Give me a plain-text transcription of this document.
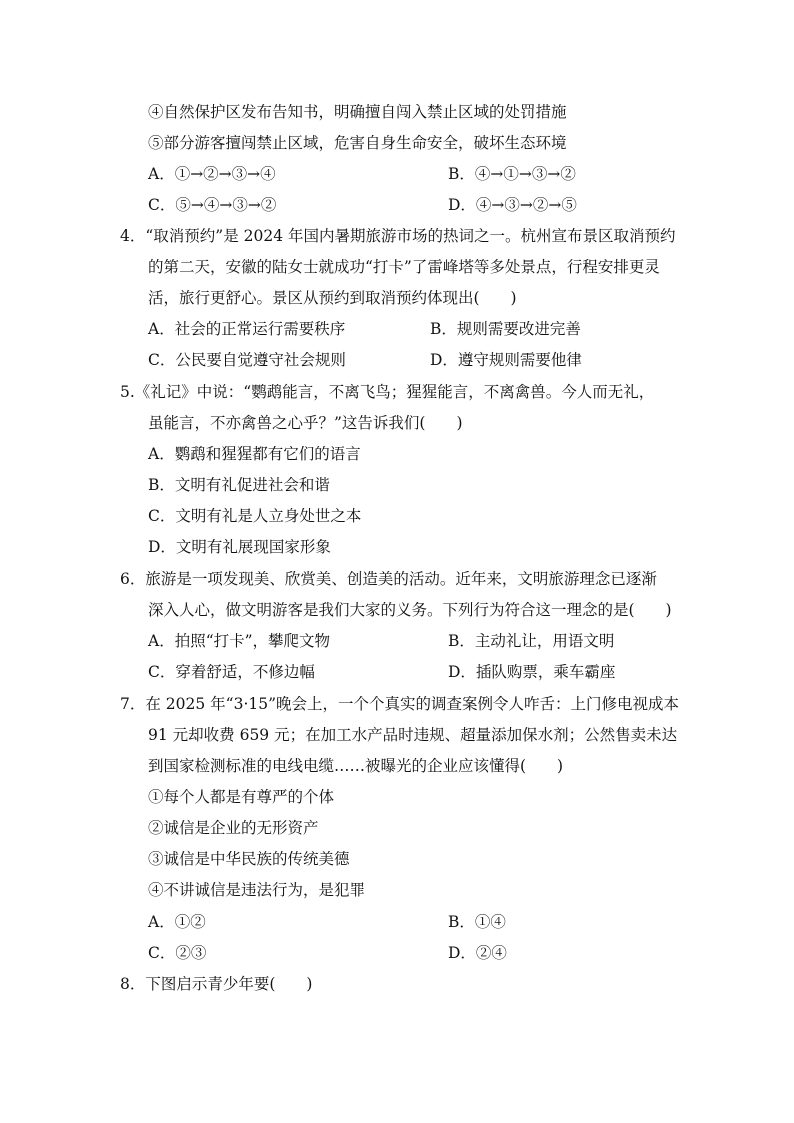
④自然保护区发布告知书，明确擅自闯入禁止区域的处罚措施
⑤部分游客擅闯禁止区域，危害自身生命安全，破坏生态环境
A．①→②→③→④	B．④→①→③→②
C．⑤→④→③→②	D．④→③→②→⑤
4．“取消预约”是 2024 年国内暑期旅游市场的热词之一。杭州宣布景区取消预约
的第二天，安徽的陆女士就成功“打卡”了雷峰塔等多处景点，行程安排更灵
活，旅行更舒心。景区从预约到取消预约体现出(　　)
A．社会的正常运行需要秩序	B．规则需要改进完善
C．公民要自觉遵守社会规则	D．遵守规则需要他律
5.《礼记》中说：“鹦鹉能言，不离飞鸟；猩猩能言，不离禽兽。今人而无礼，
虽能言，不亦禽兽之心乎？”这告诉我们(　　)
A．鹦鹉和猩猩都有它们的语言
B．文明有礼促进社会和谐
C．文明有礼是人立身处世之本
D．文明有礼展现国家形象
6．旅游是一项发现美、欣赏美、创造美的活动。近年来，文明旅游理念已逐渐
深入人心，做文明游客是我们大家的义务。下列行为符合这一理念的是(　　)
A．拍照“打卡”，攀爬文物	B．主动礼让，用语文明
C．穿着舒适，不修边幅	D．插队购票，乘车霸座
7．在 2025 年“3·15”晚会上，一个个真实的调查案例令人咋舌：上门修电视成本
91 元却收费 659 元；在加工水产品时违规、超量添加保水剂；公然售卖未达
到国家检测标准的电线电缆……被曝光的企业应该懂得(　　)
①每个人都是有尊严的个体
②诚信是企业的无形资产
③诚信是中华民族的传统美德
④不讲诚信是违法行为，是犯罪
A．①②	B．①④
C．②③	D．②④
8．下图启示青少年要(　　)
